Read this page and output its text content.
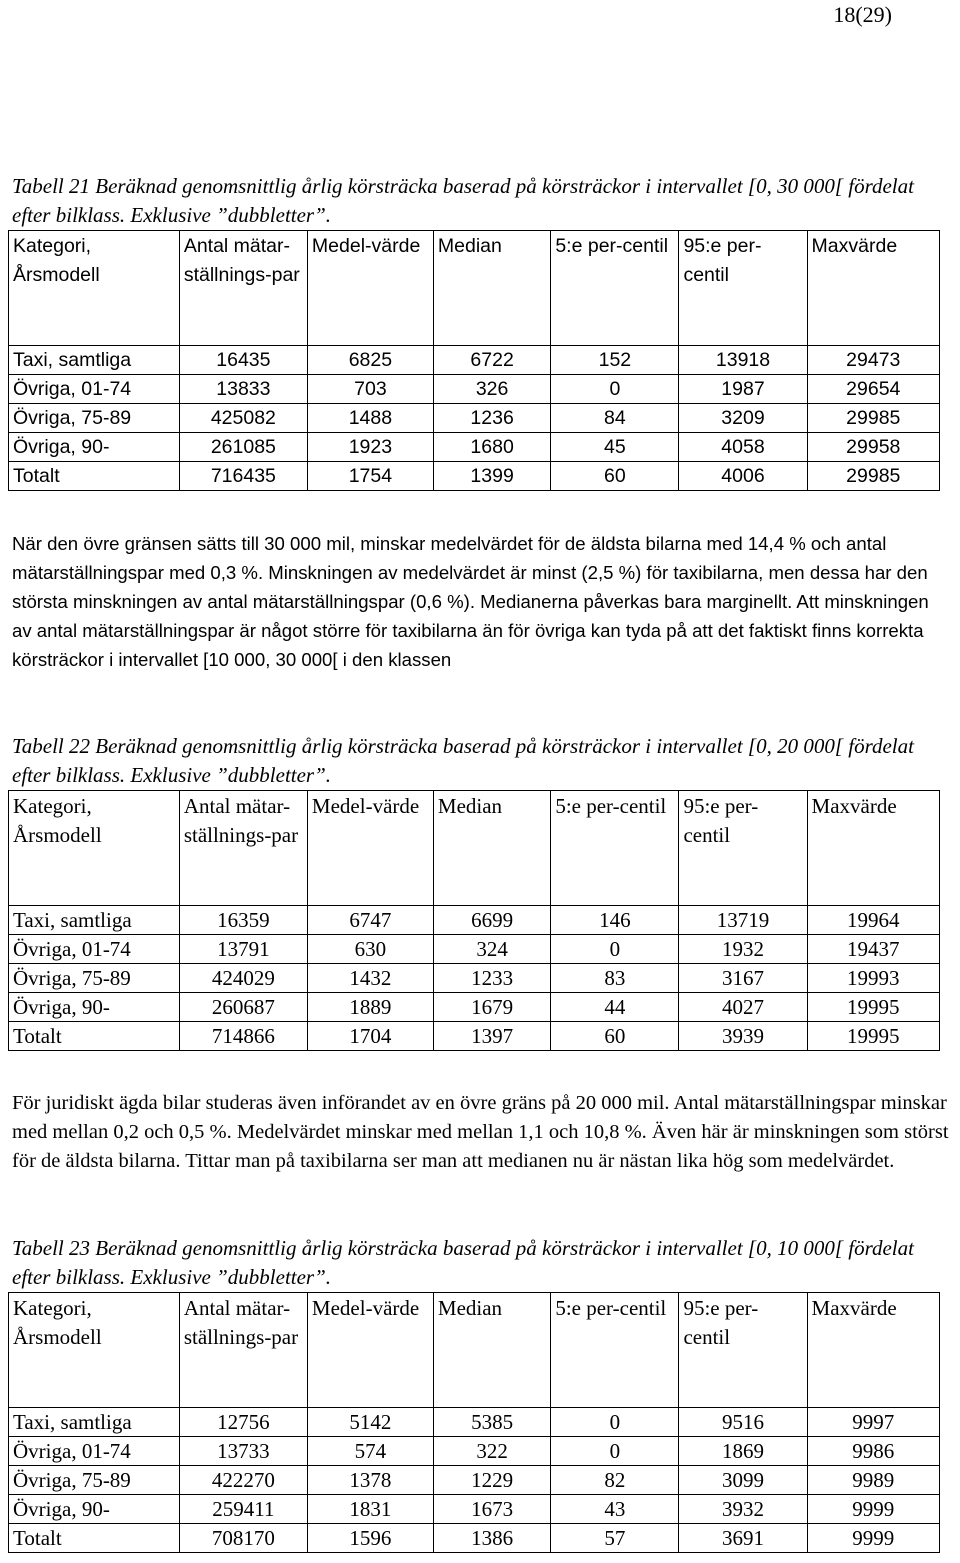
18(29)
Tabell 21 Beräknad genomsnittlig årlig körsträcka baserad på körsträckor i intervallet [0, 30 000[ fördelat efter bilklass. Exklusive ”dubbletter”.
Kategori, Årsmodell	Antal mätar-ställnings-par	Medel-värde	Median	5:e per-centil	95:e per-centil	Maxvärde
Taxi, samtliga	16435	6825	6722	152	13918	29473
Övriga, 01-74	13833	703	326	0	1987	29654
Övriga, 75-89	425082	1488	1236	84	3209	29985
Övriga, 90-	261085	1923	1680	45	4058	29958
Totalt	716435	1754	1399	60	4006	29985
När den övre gränsen sätts till 30 000 mil, minskar medelvärdet för de äldsta bilarna med 14,4 % och antal mätarställningspar med 0,3 %. Minskningen av medelvärdet är minst (2,5 %) för taxibilarna, men dessa har den största minskningen av antal mätarställningspar (0,6 %). Medianerna påverkas bara marginellt. Att minskningen av antal mätarställningspar är något större för taxibilarna än för övriga kan tyda på att det faktiskt finns korrekta körsträckor i intervallet [10 000, 30 000[ i den klassen
Tabell 22 Beräknad genomsnittlig årlig körsträcka baserad på körsträckor i intervallet [0, 20 000[ fördelat efter bilklass. Exklusive ”dubbletter”.
Kategori, Årsmodell	Antal mätar-ställnings-par	Medel-värde	Median	5:e per-centil	95:e per-centil	Maxvärde
Taxi, samtliga	16359	6747	6699	146	13719	19964
Övriga, 01-74	13791	630	324	0	1932	19437
Övriga, 75-89	424029	1432	1233	83	3167	19993
Övriga, 90-	260687	1889	1679	44	4027	19995
Totalt	714866	1704	1397	60	3939	19995
För juridiskt ägda bilar studeras även införandet av en övre gräns på 20 000 mil. Antal mätarställningspar minskar med mellan 0,2 och 0,5 %. Medelvärdet minskar med mellan 1,1 och 10,8 %. Även här är minskningen som störst för de äldsta bilarna. Tittar man på taxibilarna ser man att medianen nu är nästan lika hög som medelvärdet.
Tabell 23 Beräknad genomsnittlig årlig körsträcka baserad på körsträckor i intervallet [0, 10 000[ fördelat efter bilklass. Exklusive ”dubbletter”.
Kategori, Årsmodell	Antal mätar-ställnings-par	Medel-värde	Median	5:e per-centil	95:e per-centil	Maxvärde
Taxi, samtliga	12756	5142	5385	0	9516	9997
Övriga, 01-74	13733	574	322	0	1869	9986
Övriga, 75-89	422270	1378	1229	82	3099	9989
Övriga, 90-	259411	1831	1673	43	3932	9999
Totalt	708170	1596	1386	57	3691	9999
